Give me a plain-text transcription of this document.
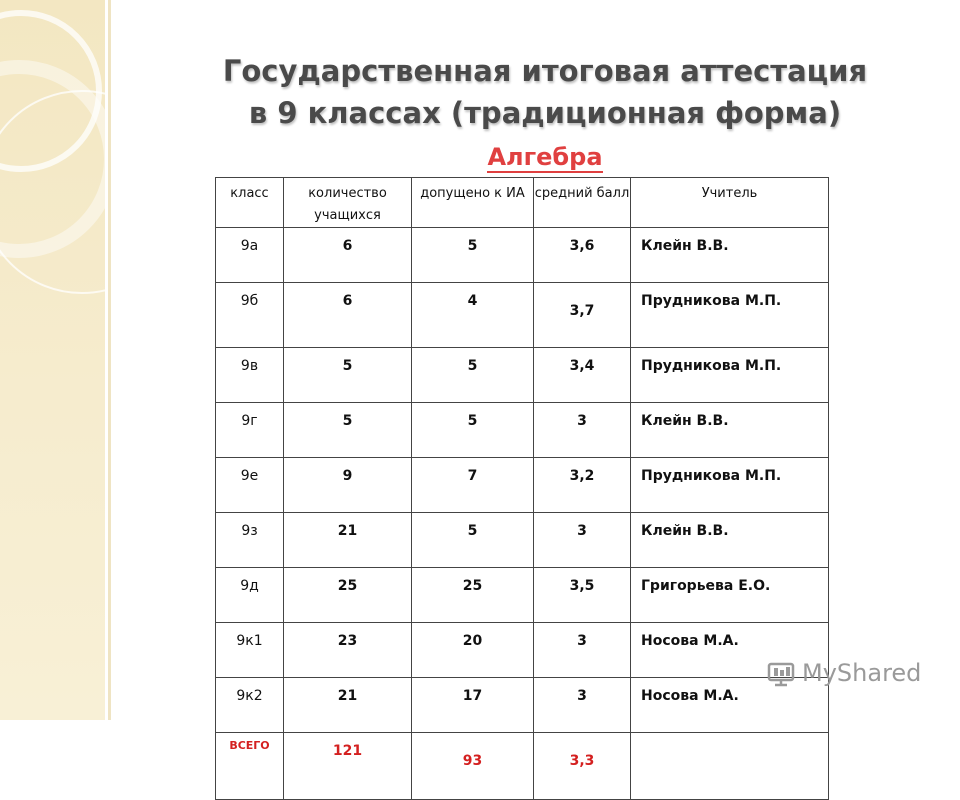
Государственная итоговая аттестация
в 9 классах (традиционная форма)
Алгебра
класс	количество учащихся	допущено к ИА	средний балл	Учитель
9а	6	5	3,6	Клейн В.В.
9б	6	4	3,7	Прудникова М.П.
9в	5	5	3,4	Прудникова М.П.
9г	5	5	3	Клейн В.В.
9е	9	7	3,2	Прудникова М.П.
9з	21	5	3	Клейн В.В.
9д	25	25	3,5	Григорьева Е.О.
9к1	23	20	3	Носова М.А.
9к2	21	17	3	Носова М.А.
ВСЕГО	121	93	3,3	
MyShared
